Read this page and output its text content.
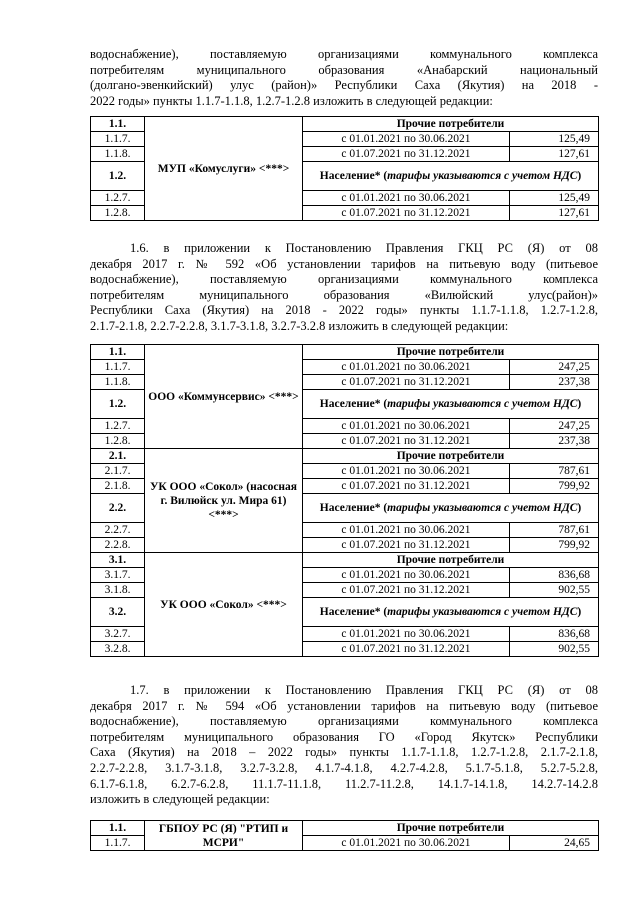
водоснабжение), поставляемую организациями коммунального комплекса
потребителям муниципального образования «Анабарский национальный
(долгано-эвенкийский) улус (район)» Республики Саха (Якутия) на 2018 -
2022 годы» пункты 1.1.7-1.1.8, 1.2.7-1.2.8 изложить в следующей редакции:

1.1.	МУП «Комуслуги» <***>	Прочие потребители	
1.1.7.		с 01.01.2021 по 30.06.2021	125,49
1.1.8.		с 01.07.2021 по 31.12.2021	127,61
1.2.		Население* (тарифы указываются с учетом НДС)	
1.2.7.		с 01.01.2021 по 30.06.2021	125,49
1.2.8.		с 01.07.2021 по 31.12.2021	127,61

1.6. в приложении к Постановлению Правления ГКЦ РС (Я) от 08
декабря 2017 г. № 592 «Об установлении тарифов на питьевую воду (питьевое
водоснабжение), поставляемую организациями коммунального комплекса
потребителям муниципального образования «Вилюйский улус(район)»
Республики Саха (Якутия) на 2018 - 2022 годы» пункты 1.1.7-1.1.8, 1.2.7-1.2.8,
2.1.7-2.1.8, 2.2.7-2.2.8, 3.1.7-3.1.8, 3.2.7-3.2.8 изложить в следующей редакции:

1.1.	ООО «Коммунсервис» <***>	Прочие потребители	
1.1.7.		с 01.01.2021 по 30.06.2021	247,25
1.1.8.		с 01.07.2021 по 31.12.2021	237,38
1.2.		Население* (тарифы указываются с учетом НДС)	
1.2.7.		с 01.01.2021 по 30.06.2021	247,25
1.2.8.		с 01.07.2021 по 31.12.2021	237,38
2.1.	УК ООО «Сокол» (насосная г. Вилюйск ул. Мира 61) <***>	Прочие потребители	
2.1.7.		с 01.01.2021 по 30.06.2021	787,61
2.1.8.		с 01.07.2021 по 31.12.2021	799,92
2.2.		Население* (тарифы указываются с учетом НДС)	
2.2.7.		с 01.01.2021 по 30.06.2021	787,61
2.2.8.		с 01.07.2021 по 31.12.2021	799,92
3.1.	УК ООО «Сокол» <***>	Прочие потребители	
3.1.7.		с 01.01.2021 по 30.06.2021	836,68
3.1.8.		с 01.07.2021 по 31.12.2021	902,55
3.2.		Население* (тарифы указываются с учетом НДС)	
3.2.7.		с 01.01.2021 по 30.06.2021	836,68
3.2.8.		с 01.07.2021 по 31.12.2021	902,55

1.7. в приложении к Постановлению Правления ГКЦ РС (Я) от 08
декабря 2017 г. № 594 «Об установлении тарифов на питьевую воду (питьевое
водоснабжение), поставляемую организациями коммунального комплекса
потребителям муниципального образования ГО «Город Якутск» Республики
Саха (Якутия) на 2018 – 2022 годы» пункты 1.1.7-1.1.8, 1.2.7-1.2.8, 2.1.7-2.1.8,
2.2.7-2.2.8, 3.1.7-3.1.8, 3.2.7-3.2.8, 4.1.7-4.1.8, 4.2.7-4.2.8, 5.1.7-5.1.8, 5.2.7-5.2.8,
6.1.7-6.1.8, 6.2.7-6.2.8, 11.1.7-11.1.8, 11.2.7-11.2.8, 14.1.7-14.1.8, 14.2.7-14.2.8
изложить в следующей редакции:

1.1.	ГБПОУ РС (Я) "РТИП и МСРИ"	Прочие потребители	
1.1.7.		с 01.01.2021 по 30.06.2021	24,65
